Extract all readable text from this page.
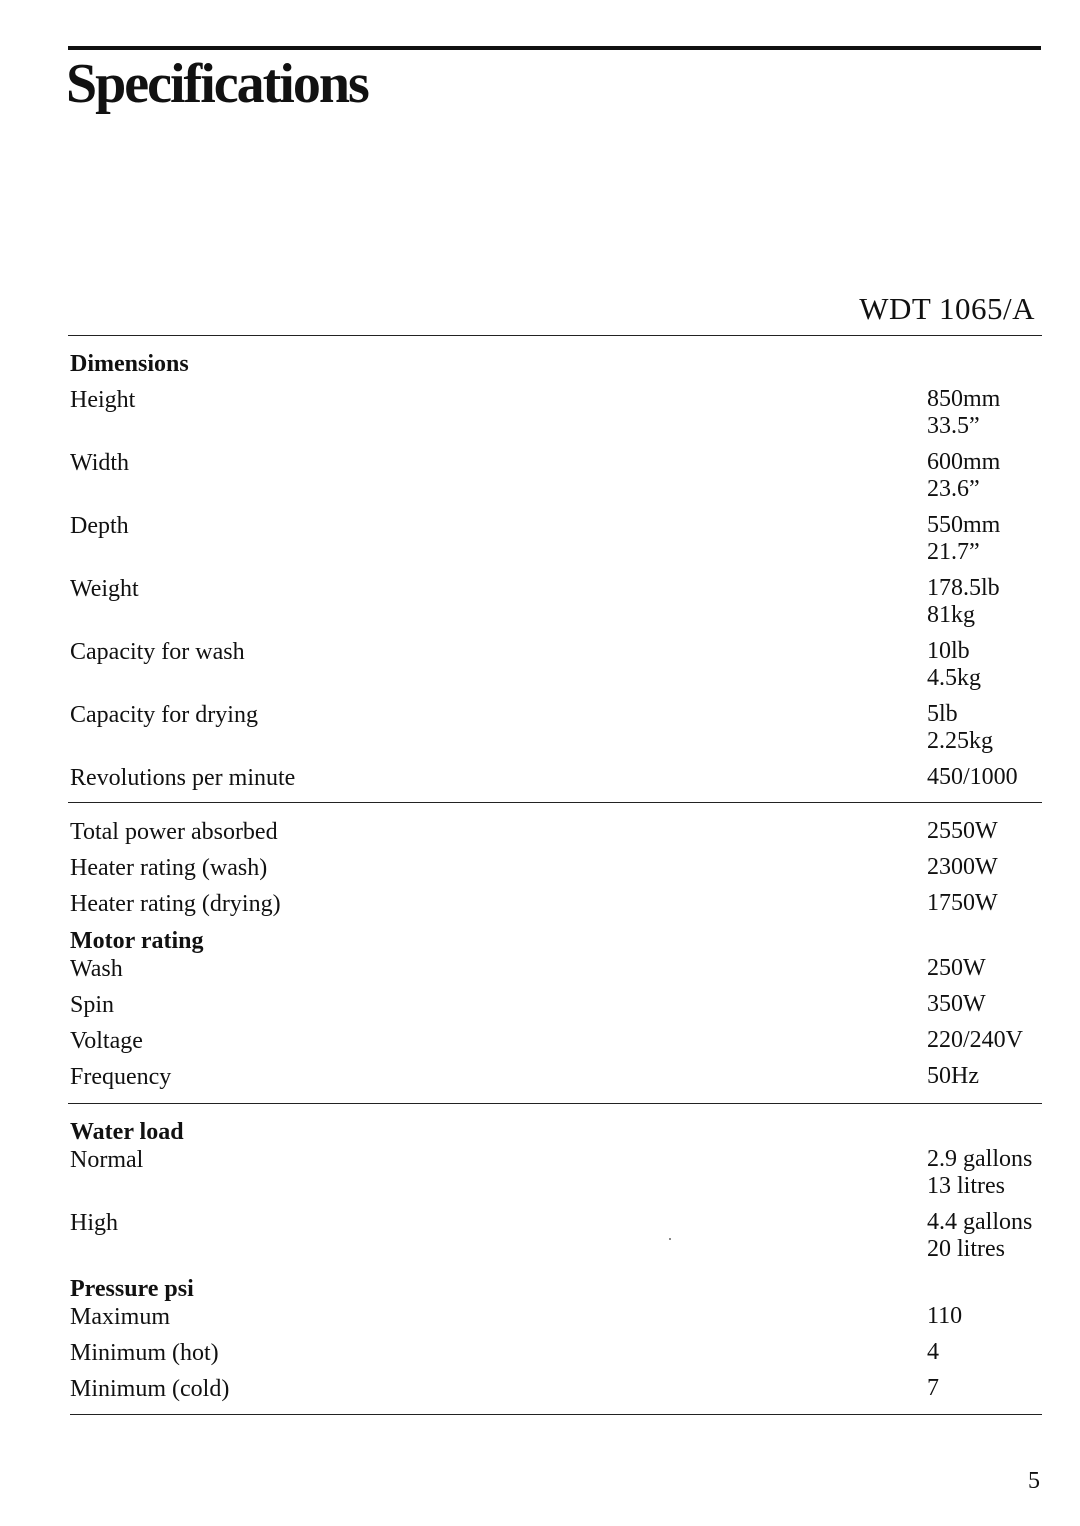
Specifications
WDT 1065/A
Dimensions
Height	850mm
33.5”
Width	600mm
23.6”
Depth	550mm
21.7”
Weight	178.5lb
81kg
Capacity for wash	10lb
4.5kg
Capacity for drying	5lb
2.25kg
Revolutions per minute	450/1000
Total power absorbed	2550W
Heater rating (wash)	2300W
Heater rating (drying)	1750W
Motor rating
Wash	250W
Spin	350W
Voltage	220/240V
Frequency	50Hz
Water load
Normal	2.9 gallons
13 litres
High	4.4 gallons
20 litres
Pressure psi
Maximum	110
Minimum (hot)	4
Minimum (cold)	7
5
